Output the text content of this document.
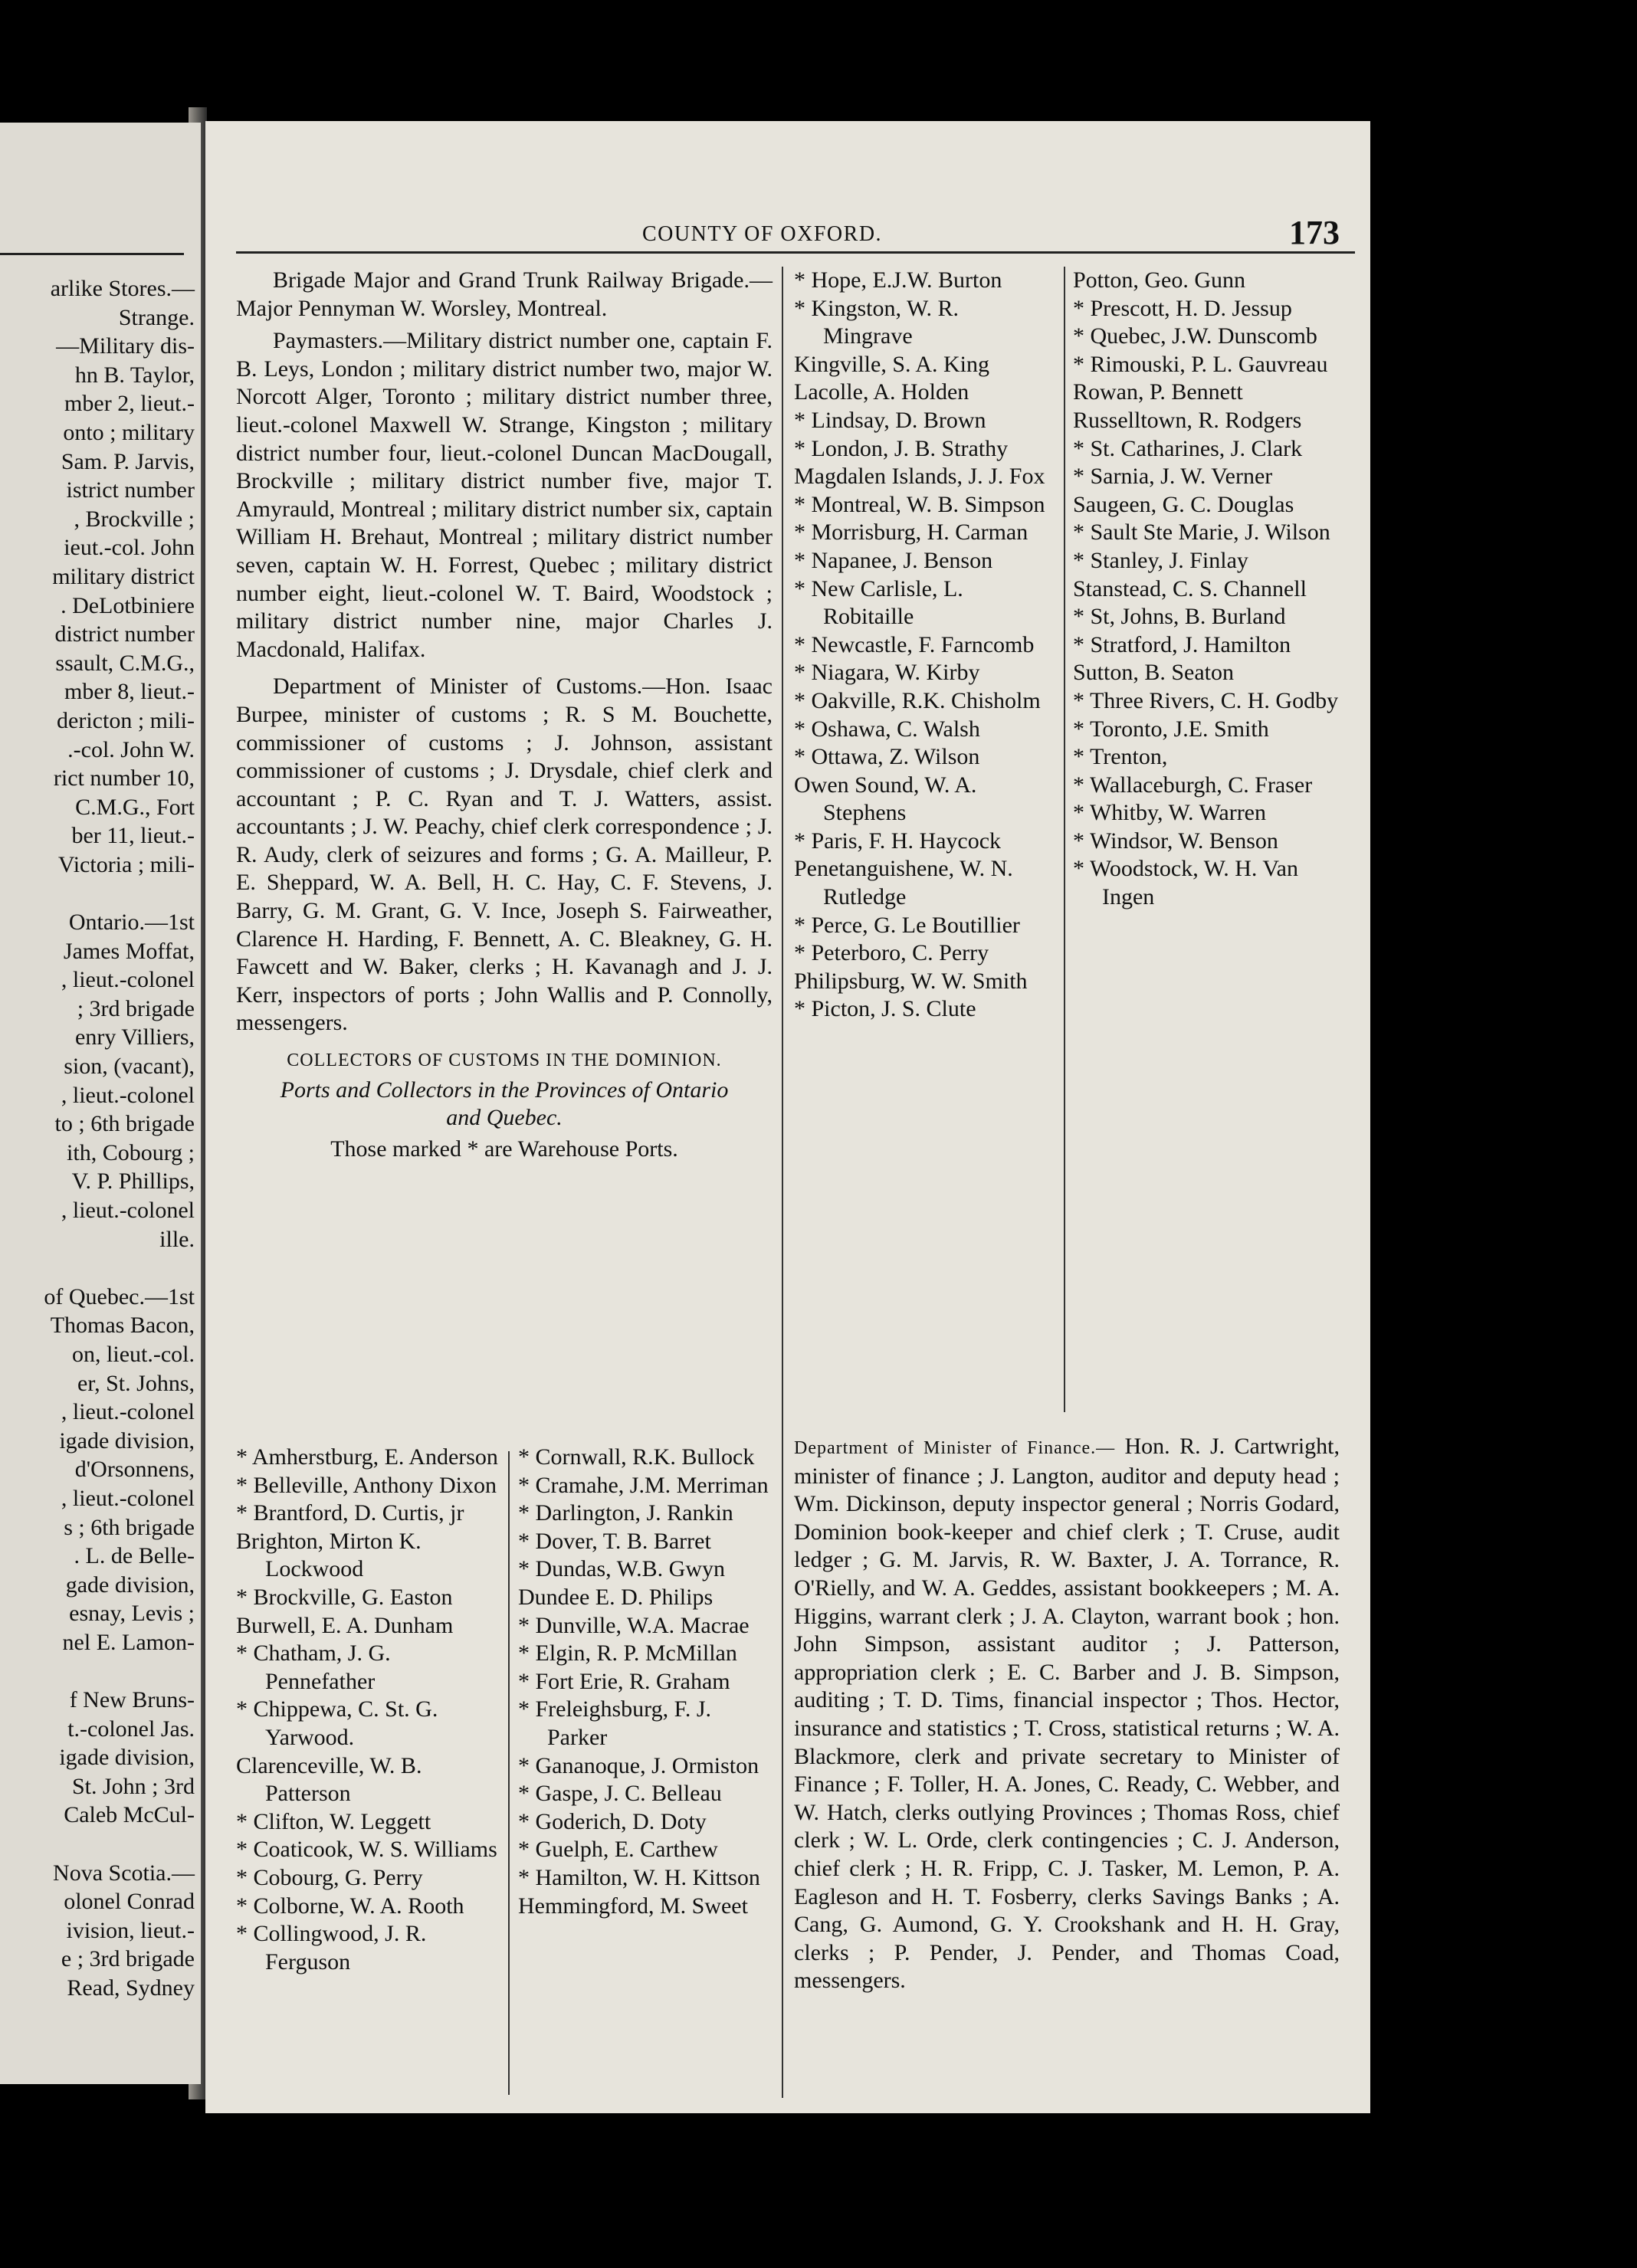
arlike Stores.—
Strange.
—Military dis-
hn B. Taylor,
mber 2, lieut.-
onto ; military
Sam. P. Jarvis,
istrict number
, Brockville ;
ieut.-col. John
military district
. DeLotbiniere
district number
ssault, C.M.G.,
mber 8, lieut.-
dericton ; mili-
.-col. John W.
rict number 10,
C.M.G., Fort
ber 11, lieut.-
Victoria ; mili-
Ontario.—1st
James Moffat,
, lieut.-colonel
; 3rd brigade
enry Villiers,
sion, (vacant),
, lieut.-colonel
to ; 6th brigade
ith, Cobourg ;
V. P. Phillips,
, lieut.-colonel
ille.
of Quebec.—1st
Thomas Bacon,
on, lieut.-col.
er, St. Johns,
, lieut.-colonel
igade division,
d'Orsonnens,
, lieut.-colonel
s ; 6th brigade
. L. de Belle-
gade division,
esnay, Levis ;
nel E. Lamon-
f New Bruns-
t.-colonel Jas.
igade division,
St. John ; 3rd
Caleb McCul-
Nova Scotia.—
olonel Conrad
ivision, lieut.-
e ; 3rd brigade
Read, Sydney
COUNTY OF OXFORD.	173

Brigade Major and Grand Trunk Railway Brigade.—Major Pennyman W. Worsley, Montreal.

Paymasters.—Military district number one, captain F. B. Leys, London ; military district number two, major W. Norcott Alger, Toronto ; military district number three, lieut.-colonel Maxwell W. Strange, Kingston ; military district number four, lieut.-colonel Duncan MacDougall, Brockville ; military district number five, major T. Amyrauld, Montreal ; military district number six, captain William H. Brehaut, Montreal ; military district number seven, captain W. H. Forrest, Quebec ; military district number eight, lieut.-colonel W. T. Baird, Woodstock ; military district number nine, major Charles J. Macdonald, Halifax.

Department of Minister of Customs.—Hon. Isaac Burpee, minister of customs ; R. S M. Bouchette, commissioner of customs ; J. Johnson, assistant commissioner of customs ; J. Drysdale, chief clerk and accountant ; P. C. Ryan and T. J. Watters, assist. accountants ; J. W. Peachy, chief clerk correspondence ; J. R. Audy, clerk of seizures and forms ; G. A. Mailleur, P. E. Sheppard, W. A. Bell, H. C. Hay, C. F. Stevens, J. Barry, G. M. Grant, G. V. Ince, Joseph S. Fairweather, Clarence H. Harding, F. Bennett, A. C. Bleakney, G. H. Fawcett and W. Baker, clerks ; H. Kavanagh and J. J. Kerr, inspectors of ports ; John Wallis and P. Connolly, messengers.

COLLECTORS OF CUSTOMS IN THE DOMINION.

Ports and Collectors in the Provinces of Ontario and Quebec.

Those marked * are Warehouse Ports.

* Amherstburg, E. Anderson
* Belleville, Anthony Dixon
* Brantford, D. Curtis, jr
Brighton, Mirton K. Lockwood
* Brockville, G. Easton
Burwell, E. A. Dunham
* Chatham, J. G. Pennefather
* Chippewa, C. St. G. Yarwood.
Clarenceville, W. B. Patterson
* Clifton, W. Leggett
* Coaticook, W. S. Williams
* Cobourg, G. Perry
* Colborne, W. A. Rooth
* Collingwood, J. R. Ferguson
* Cornwall, R.K. Bullock
* Cramahe, J.M. Merriman
* Darlington, J. Rankin
* Dover, T. B. Barret
* Dundas, W.B. Gwyn
Dundee E. D. Philips
* Dunville, W.A. Macrae
* Elgin, R. P. McMillan
* Fort Erie, R. Graham
* Freleighsburg, F. J. Parker
* Gananoque, J. Ormiston
* Gaspe, J. C. Belleau
* Goderich, D. Doty
* Guelph, E. Carthew
* Hamilton, W. H. Kittson
Hemmingford, M. Sweet
* Hope, E.J.W. Burton
* Kingston, W. R. Mingrave
Kingville, S. A. King
Lacolle, A. Holden
* Lindsay, D. Brown
* London, J. B. Strathy
Magdalen Islands, J. J. Fox
* Montreal, W. B. Simpson
* Morrisburg, H. Carman
* Napanee, J. Benson
* New Carlisle, L. Robitaille
* Newcastle, F. Farncomb
* Niagara, W. Kirby
* Oakville, R.K. Chisholm
* Oshawa, C. Walsh
* Ottawa, Z. Wilson
Owen Sound, W. A. Stephens
* Paris, F. H. Haycock
Penetanguishene, W. N. Rutledge
* Perce, G. Le Boutillier
* Peterboro, C. Perry
Philipsburg, W. W. Smith
* Picton, J. S. Clute
Potton, Geo. Gunn
* Prescott, H. D. Jessup
* Quebec, J.W. Dunscomb
* Rimouski, P. L. Gauvreau
Rowan, P. Bennett
Russelltown, R. Rodgers
* St. Catharines, J. Clark
* Sarnia, J. W. Verner
Saugeen, G. C. Douglas
* Sault Ste Marie, J. Wilson
* Stanley, J. Finlay
Stanstead, C. S. Channell
* St, Johns, B. Burland
* Stratford, J. Hamilton
Sutton, B. Seaton
* Three Rivers, C. H. Godby
* Toronto, J.E. Smith
* Trenton,
* Wallaceburgh, C. Fraser
* Whitby, W. Warren
* Windsor, W. Benson
* Woodstock, W. H. Van Ingen

Department of Minister of Finance.— Hon. R. J. Cartwright, minister of finance ; J. Langton, auditor and deputy head ; Wm. Dickinson, deputy inspector general ; Norris Godard, Dominion book-keeper and chief clerk ; T. Cruse, audit ledger ; G. M. Jarvis, R. W. Baxter, J. A. Torrance, R. O'Rielly, and W. A. Geddes, assistant bookkeepers ; M. A. Higgins, warrant clerk ; J. A. Clayton, warrant book ; hon. John Simpson, assistant auditor ; J. Patterson, appropriation clerk ; E. C. Barber and J. B. Simpson, auditing ; T. D. Tims, financial inspector ; Thos. Hector, insurance and statistics ; T. Cross, statistical returns ; W. A. Blackmore, clerk and private secretary to Minister of Finance ; F. Toller, H. A. Jones, C. Ready, C. Webber, and W. Hatch, clerks outlying Provinces ; Thomas Ross, chief clerk ; W. L. Orde, clerk contingencies ; C. J. Anderson, chief clerk ; H. R. Fripp, C. J. Tasker, M. Lemon, P. A. Eagleson and H. T. Fosberry, clerks Savings Banks ; A. Cang, G. Aumond, G. Y. Crookshank and H. H. Gray, clerks ; P. Pender, J. Pender, and Thomas Coad, messengers.
